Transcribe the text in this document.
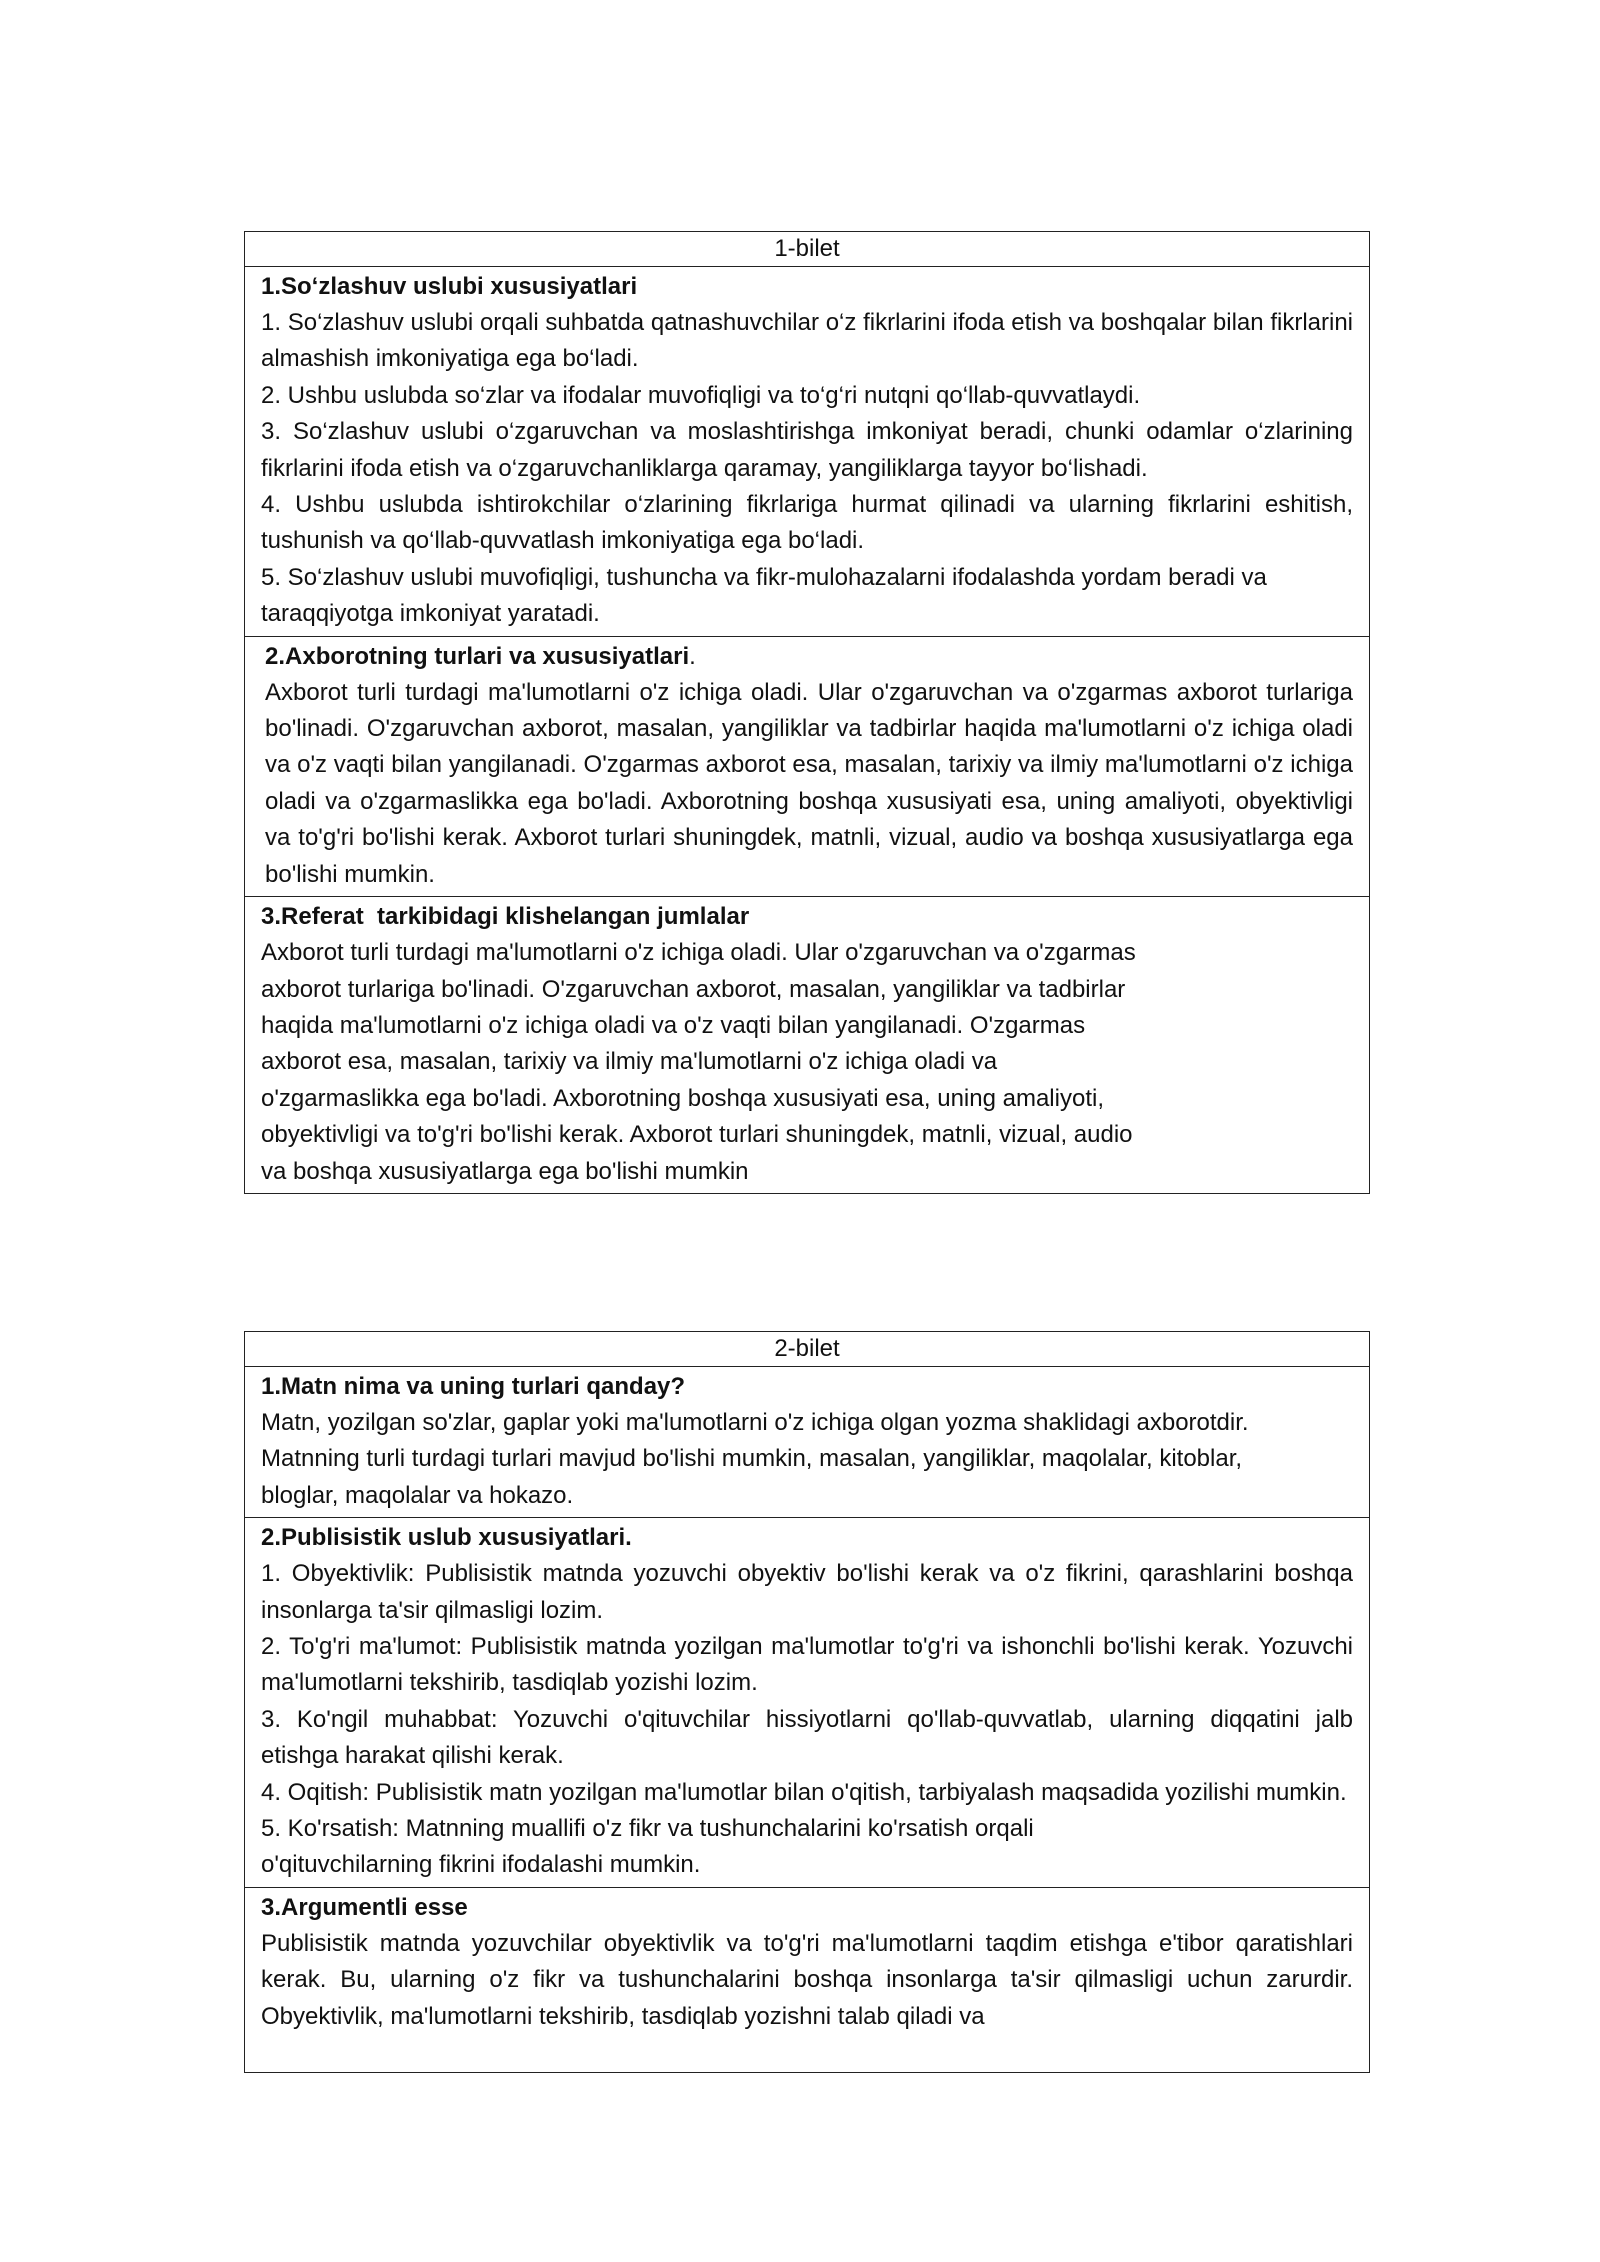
1-bilet

1.So‘zlashuv uslubi xususiyatlari

1. So‘zlashuv uslubi orqali suhbatda qatnashuvchilar o‘z fikrlarini ifoda etish va boshqalar bilan fikrlarini almashish imkoniyatiga ega bo‘ladi.

2. Ushbu uslubda so‘zlar va ifodalar muvofiqligi va to‘g‘ri nutqni qo‘llab-quvvatlaydi.

3. So‘zlashuv uslubi o‘zgaruvchan va moslashtirishga imkoniyat beradi, chunki odamlar o‘zlarining fikrlarini ifoda etish va o‘zgaruvchanliklarga qaramay, yangiliklarga tayyor bo‘lishadi.

4. Ushbu uslubda ishtirokchilar o‘zlarining fikrlariga hurmat qilinadi va ularning fikrlarini eshitish, tushunish va qo‘llab-quvvatlash imkoniyatiga ega bo‘ladi.

5. So‘zlashuv uslubi muvofiqligi, tushuncha va fikr-mulohazalarni ifodalashda yordam beradi va taraqqiyotga imkoniyat yaratadi.

2.Axborotning turlari va xususiyatlari.

Axborot turli turdagi ma'lumotlarni o'z ichiga oladi. Ular o'zgaruvchan va o'zgarmas axborot turlariga bo'linadi. O'zgaruvchan axborot, masalan, yangiliklar va tadbirlar haqida ma'lumotlarni o'z ichiga oladi va o'z vaqti bilan yangilanadi. O'zgarmas axborot esa, masalan, tarixiy va ilmiy ma'lumotlarni o'z ichiga oladi va o'zgarmaslikka ega bo'ladi. Axborotning boshqa xususiyati esa, uning amaliyoti, obyektivligi va to'g'ri bo'lishi kerak. Axborot turlari shuningdek, matnli, vizual, audio va boshqa xususiyatlarga ega bo'lishi mumkin.

3.Referat  tarkibidagi klishelangan jumlalar

Axborot turli turdagi ma'lumotlarni o'z ichiga oladi. Ular o'zgaruvchan va o'zgarmas axborot turlariga bo'linadi. O'zgaruvchan axborot, masalan, yangiliklar va tadbirlar haqida ma'lumotlarni o'z ichiga oladi va o'z vaqti bilan yangilanadi. O'zgarmas axborot esa, masalan, tarixiy va ilmiy ma'lumotlarni o'z ichiga oladi va o'zgarmaslikka ega bo'ladi. Axborotning boshqa xususiyati esa, uning amaliyoti, obyektivligi va to'g'ri bo'lishi kerak. Axborot turlari shuningdek, matnli, vizual, audio va boshqa xususiyatlarga ega bo'lishi mumkin

2-bilet

1.Matn nima va uning turlari qanday?

Matn, yozilgan so'zlar, gaplar yoki ma'lumotlarni o'z ichiga olgan yozma shaklidagi axborotdir. Matnning turli turdagi turlari mavjud bo'lishi mumkin, masalan, yangiliklar, maqolalar, kitoblar, bloglar, maqolalar va hokazo.

2.Publisistik uslub xususiyatlari.

1. Obyektivlik: Publisistik matnda yozuvchi obyektiv bo'lishi kerak va o'z fikrini, qarashlarini boshqa insonlarga ta'sir qilmasligi lozim.

2. To'g'ri ma'lumot: Publisistik matnda yozilgan ma'lumotlar to'g'ri va ishonchli bo'lishi kerak. Yozuvchi ma'lumotlarni tekshirib, tasdiqlab yozishi lozim.

3. Ko'ngil muhabbat: Yozuvchi o'qituvchilar hissiyotlarni qo'llab-quvvatlab, ularning diqqatini jalb etishga harakat qilishi kerak.

4. Oqitish: Publisistik matn yozilgan ma'lumotlar bilan o'qitish, tarbiyalash maqsadida yozilishi mumkin.

5. Ko'rsatish: Matnning muallifi o'z fikr va tushunchalarini ko'rsatish orqali o'qituvchilarning fikrini ifodalashi mumkin.

3.Argumentli esse

Publisistik matnda yozuvchilar obyektivlik va to'g'ri ma'lumotlarni taqdim etishga e'tibor qaratishlari kerak. Bu, ularning o'z fikr va tushunchalarini boshqa insonlarga ta'sir qilmasligi uchun zarurdir. Obyektivlik, ma'lumotlarni tekshirib, tasdiqlab yozishni talab qiladi va
